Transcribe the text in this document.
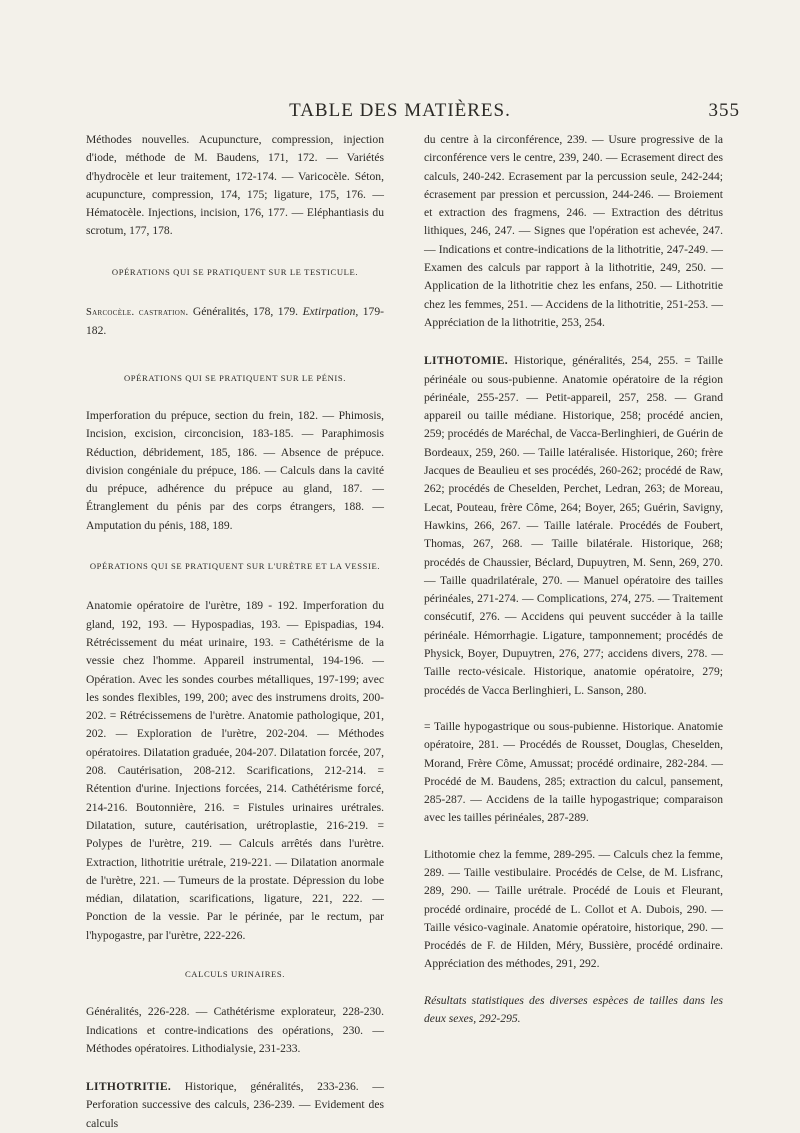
TABLE DES MATIÈRES.	355

Méthodes nouvelles. Acupuncture, compression, injection d'iode, méthode de M. Baudens, 171, 172. — Variétés d'hydrocèle et leur traitement, 172-174. — Varicocèle. Séton, acupuncture, compression, 174, 175; ligature, 175, 176. — Hématocèle. Injections, incision, 176, 177. — Eléphantiasis du scrotum, 177, 178.

OPÉRATIONS QUI SE PRATIQUENT SUR LE TESTICULE.

Sarcocèle. castration. Généralités, 178, 179. Extirpation, 179-182.

OPÉRATIONS QUI SE PRATIQUENT SUR LE PÉNIS.

Imperforation du prépuce, section du frein, 182. — Phimosis, Incision, excision, circoncision, 183-185. — Paraphimosis Réduction, débridement, 185, 186. — Absence de prépuce. division congéniale du prépuce, 186. — Calculs dans la cavité du prépuce, adhérence du prépuce au gland, 187. — Étranglement du pénis par des corps étrangers, 188. — Amputation du pénis, 188, 189.

OPÉRATIONS QUI SE PRATIQUENT SUR L'URÈTRE ET LA VESSIE.

Anatomie opératoire de l'urètre, 189 - 192. Imperforation du gland, 192, 193. — Hypospadias, 193. — Epispadias, 194. Rétrécissement du méat urinaire, 193. = Cathétérisme de la vessie chez l'homme. Appareil instrumental, 194-196. — Opération. Avec les sondes courbes métalliques, 197-199; avec les sondes flexibles, 199, 200; avec des instrumens droits, 200-202. = Rétrécissemens de l'urètre. Anatomie pathologique, 201, 202. — Exploration de l'urètre, 202-204. — Méthodes opératoires. Dilatation graduée, 204-207. Dilatation forcée, 207, 208. Cautérisation, 208-212. Scarifications, 212-214. = Rétention d'urine. Injections forcées, 214. Cathétérisme forcé, 214-216. Boutonnière, 216. = Fistules urinaires urétrales. Dilatation, suture, cautérisation, urétroplastie, 216-219. = Polypes de l'urètre, 219. — Calculs arrêtés dans l'urètre. Extraction, lithotritie urétrale, 219-221. — Dilatation anormale de l'urètre, 221. — Tumeurs de la prostate. Dépression du lobe médian, dilatation, scarifications, ligature, 221, 222. — Ponction de la vessie. Par le périnée, par le rectum, par l'hypogastre, par l'urètre, 222-226.

CALCULS URINAIRES.

Généralités, 226-228. — Cathétérisme explorateur, 228-230. Indications et contre-indications des opérations, 230. — Méthodes opératoires. Lithodialysie, 231-233.

LITHOTRITIE. Historique, généralités, 233-236. — Perforation successive des calculs, 236-239. — Evidement des calculs

du centre à la circonférence, 239. — Usure progressive de la circonférence vers le centre, 239, 240. — Ecrasement direct des calculs, 240-242. Ecrasement par la percussion seule, 242-244; écrasement par pression et percussion, 244-246. — Broiement et extraction des fragmens, 246. — Extraction des détritus lithiques, 246, 247. — Signes que l'opération est achevée, 247. — Indications et contre-indications de la lithotritie, 247-249. — Examen des calculs par rapport à la lithotritie, 249, 250. — Application de la lithotritie chez les enfans, 250. — Lithotritie chez les femmes, 251. — Accidens de la lithotritie, 251-253. — Appréciation de la lithotritie, 253, 254.

LITHOTOMIE. Historique, généralités, 254, 255. = Taille périnéale ou sous-pubienne. Anatomie opératoire de la région périnéale, 255-257. — Petit-appareil, 257, 258. — Grand appareil ou taille médiane. Historique, 258; procédé ancien, 259; procédés de Maréchal, de Vacca-Berlinghieri, de Guérin de Bordeaux, 259, 260. — Taille latéralisée. Historique, 260; frère Jacques de Beaulieu et ses procédés, 260-262; procédé de Raw, 262; procédés de Cheselden, Perchet, Ledran, 263; de Moreau, Lecat, Pouteau, frère Côme, 264; Boyer, 265; Guérin, Savigny, Hawkins, 266, 267. — Taille latérale. Procédés de Foubert, Thomas, 267, 268. — Taille bilatérale. Historique, 268; procédés de Chaussier, Béclard, Dupuytren, M. Senn, 269, 270. — Taille quadrilatérale, 270. — Manuel opératoire des tailles périnéales, 271-274. — Complications, 274, 275. — Traitement consécutif, 276. — Accidens qui peuvent succéder à la taille périnéale. Hémorrhagie. Ligature, tamponnement; procédés de Physick, Boyer, Dupuytren, 276, 277; accidens divers, 278. — Taille recto-vésicale. Historique, anatomie opératoire, 279; procédés de Vacca Berlinghieri, L. Sanson, 280.

= Taille hypogastrique ou sous-pubienne. Historique. Anatomie opératoire, 281. — Procédés de Rousset, Douglas, Cheselden, Morand, Frère Côme, Amussat; procédé ordinaire, 282-284. — Procédé de M. Baudens, 285; extraction du calcul, pansement, 285-287. — Accidens de la taille hypogastrique; comparaison avec les tailles périnéales, 287-289.

Lithotomie chez la femme, 289-295. — Calculs chez la femme, 289. — Taille vestibulaire. Procédés de Celse, de M. Lisfranc, 289, 290. — Taille urétrale. Procédé de Louis et Fleurant, procédé ordinaire, procédé de L. Collot et A. Dubois, 290. — Taille vésico-vaginale. Anatomie opératoire, historique, 290. — Procédés de F. de Hilden, Méry, Bussière, procédé ordinaire. Appréciation des méthodes, 291, 292.

Résultats statistiques des diverses espèces de tailles dans les deux sexes, 292-295.
